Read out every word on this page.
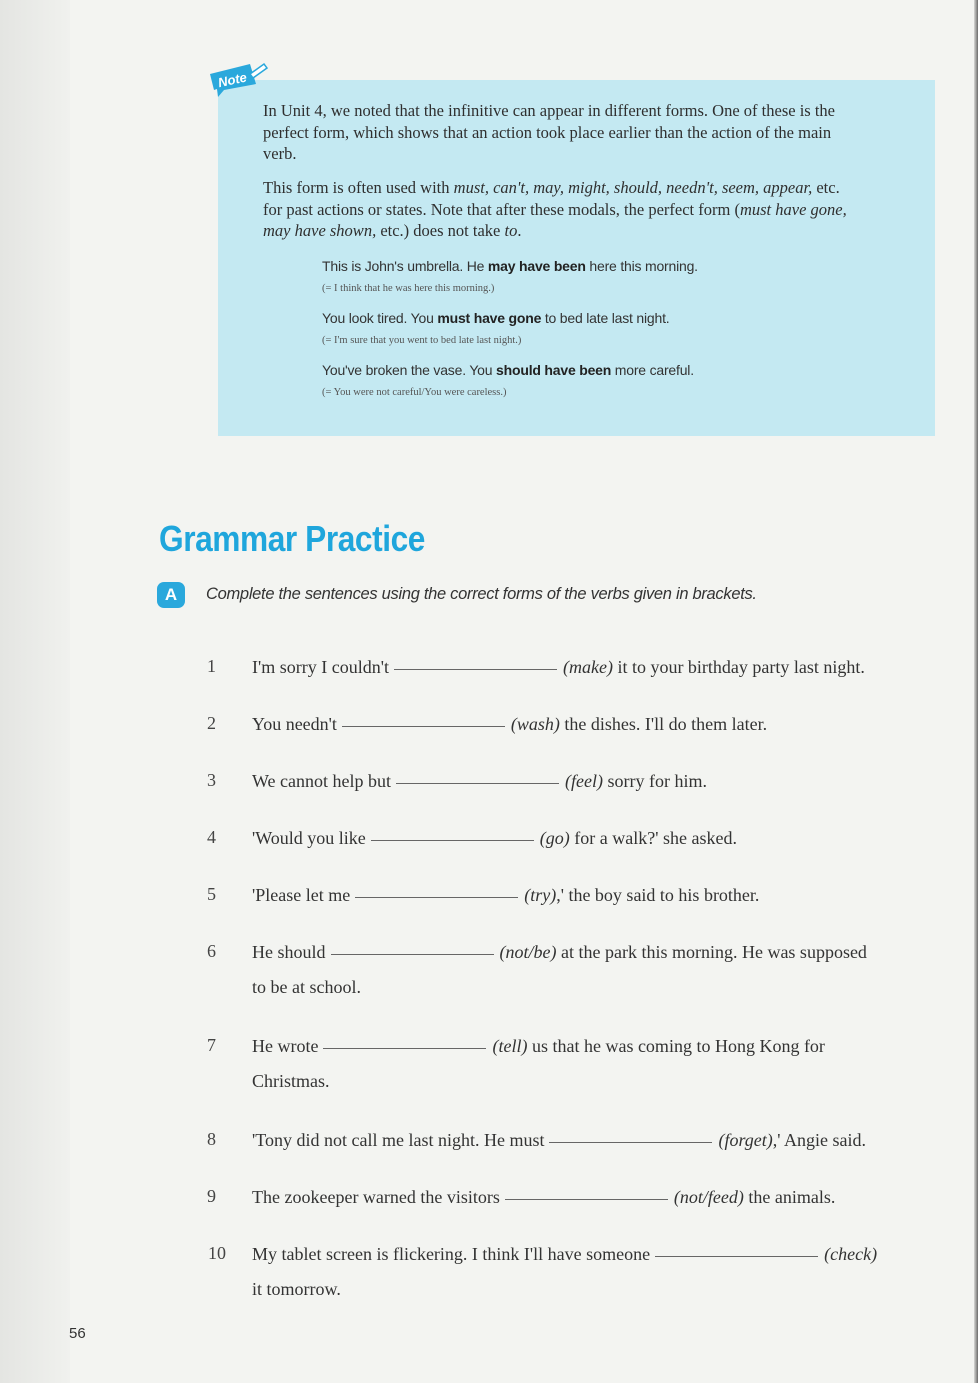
Note
In Unit 4, we noted that the infinitive can appear in different forms. One of these is the perfect form, which shows that an action took place earlier than the action of the main verb.
This form is often used with must, can't, may, might, should, needn't, seem, appear, etc. for past actions or states. Note that after these modals, the perfect form (must have gone, may have shown, etc.) does not take to.
This is John's umbrella. He may have been here this morning.
(= I think that he was here this morning.)
You look tired. You must have gone to bed late last night.
(= I'm sure that you went to bed late last night.)
You've broken the vase. You should have been more careful.
(= You were not careful/You were careless.)
Grammar Practice
A	Complete the sentences using the correct forms of the verbs given in brackets.
1 I'm sorry I couldn't	(make) it to your birthday party last night.
2 You needn't	(wash) the dishes. I'll do them later.
3 We cannot help but	(feel) sorry for him.
4 'Would you like	(go) for a walk?' she asked.
5 'Please let me	(try),' the boy said to his brother.
6 He should	(not/be) at the park this morning. He was supposed
to be at school.
7 He wrote	(tell) us that he was coming to Hong Kong for
Christmas.
8 'Tony did not call me last night. He must	(forget),' Angie said.
9 The zookeeper warned the visitors	(not/feed) the animals.
10 My tablet screen is flickering. I think I'll have someone	(check)
it tomorrow.
56
